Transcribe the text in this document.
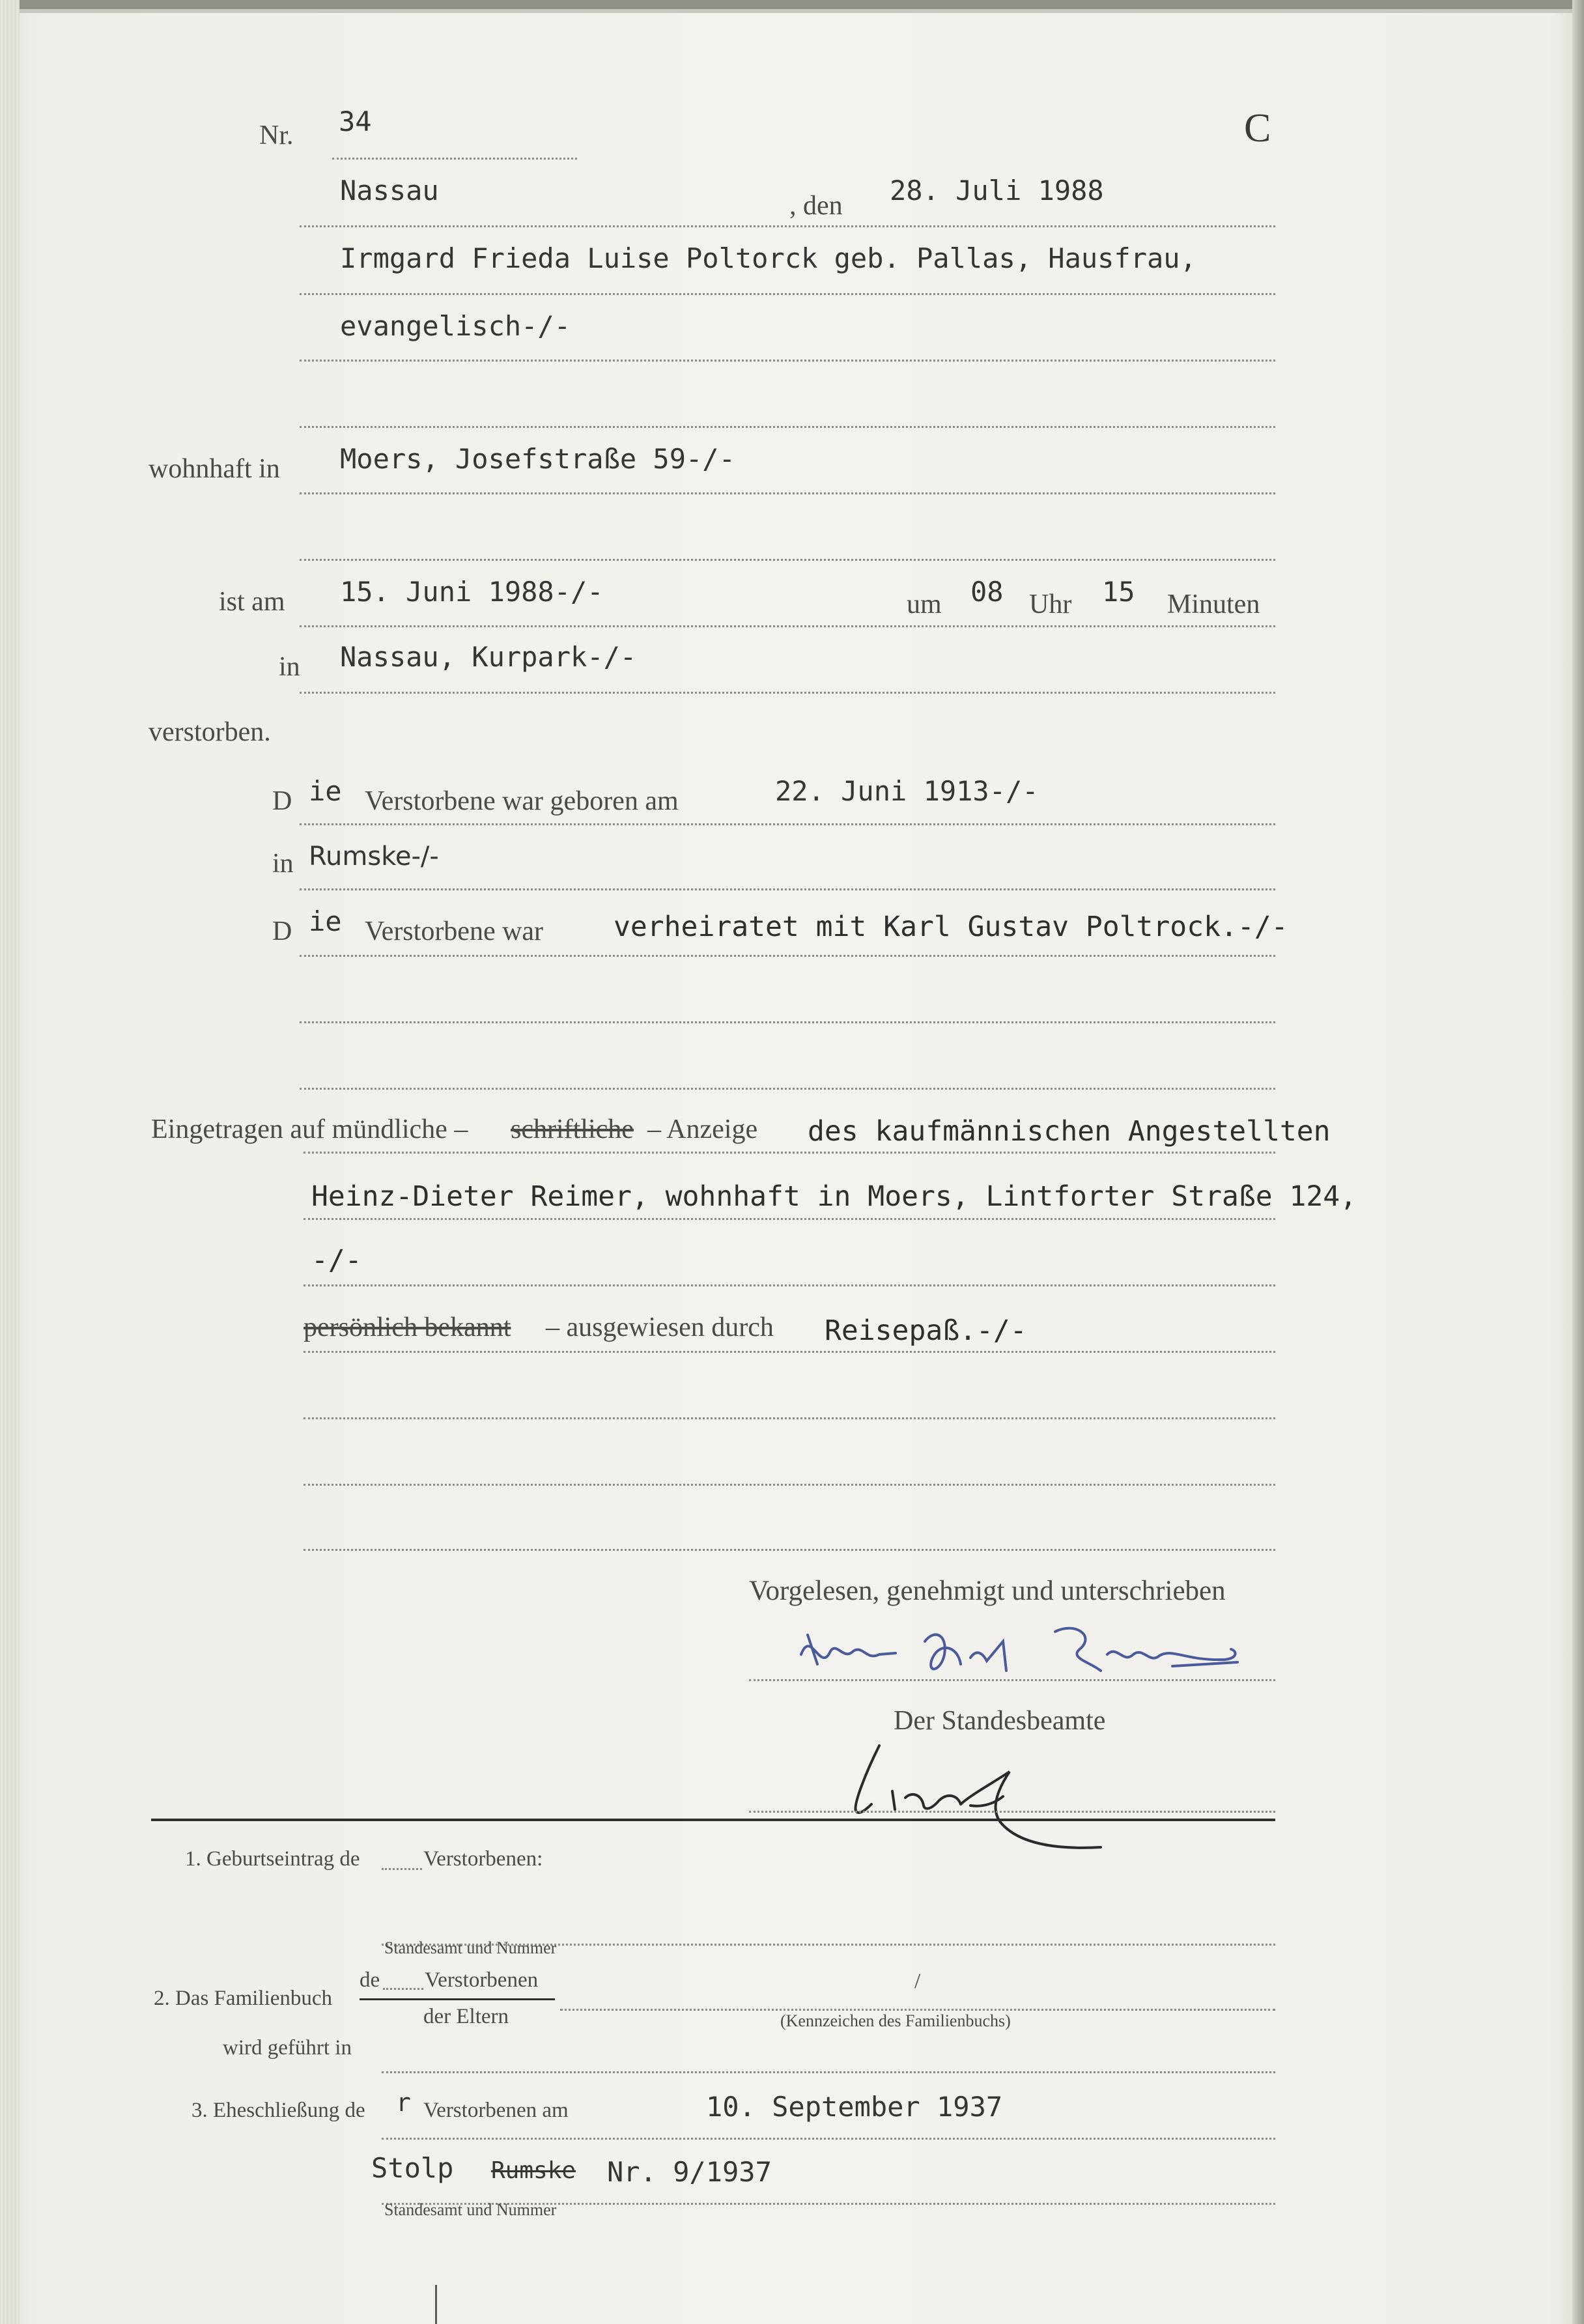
Nr. 34	C
Nassau	, den 28. Juli 1988
Irmgard Frieda Luise Poltorck geb. Pallas, Hausfrau,
evangelisch-/-
wohnhaft in Moers, Josefstraße 59-/-
ist am 15. Juni 1988-/-	um 08 Uhr 15 Minuten
in Nassau, Kurpark-/-
verstorben.
D ie Verstorbene war geboren am	22. Juni 1913-/-
in Rumske-/-
D ie Verstorbene war	verheiratet mit Karl Gustav Poltrock.-/-
Eingetragen auf mündliche – schriftliche – Anzeige des kaufmännischen Angestellten
Heinz-Dieter Reimer, wohnhaft in Moers, Lintforter Straße 124,
-/-
persönlich bekannt – ausgewiesen durch Reisepaß.-/-
Vorgelesen, genehmigt und unterschrieben
Der Standesbeamte
1. Geburtseintrag de	Verstorbenen:
Standesamt und Nummer
2. Das Familienbuch
de Verstorbenen
der Eltern
/
(Kennzeichen des Familienbuchs)
wird geführt in
3. Eheschließung de r Verstorbenen am	10. September 1937
Stolp Rumske Nr. 9/1937
Standesamt und Nummer
